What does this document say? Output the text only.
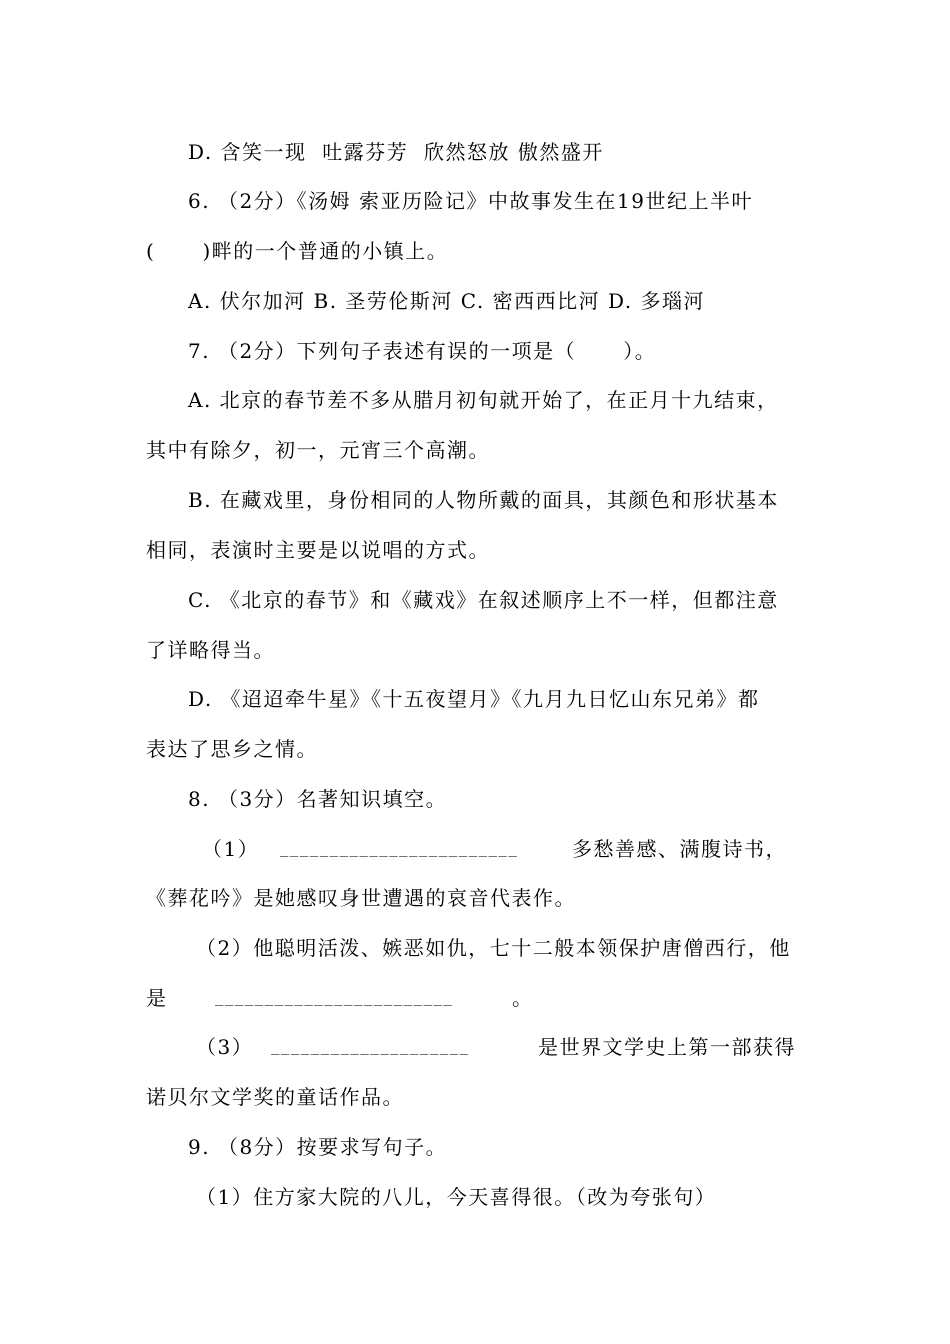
D. 含笑一现  吐露芬芳  欣然怒放 傲然盛开
6. （2分）《汤姆 索亚历险记》中故事发生在19世纪上半叶
(      )畔的一个普通的小镇上。
A. 伏尔加河 B. 圣劳伦斯河 C. 密西西比河 D. 多瑙河
7. （2分）下列句子表述有误的一项是（      ）。
A. 北京的春节差不多从腊月初旬就开始了，在正月十九结束，
其中有除夕，初一，元宵三个高潮。
B. 在藏戏里，身份相同的人物所戴的面具，其颜色和形状基本
相同，表演时主要是以说唱的方式。
C. 《北京的春节》和《藏戏》在叙述顺序上不一样，但都注意
了详略得当。
D. 《迢迢牵牛星》《十五夜望月》《九月九日忆山东兄弟》都
表达了思乡之情。
8. （3分）名著知识填空。
（1） ________________________	多愁善感、满腹诗书，
《葬花吟》是她感叹身世遭遇的哀音代表作。
（2）他聪明活泼、嫉恶如仇，七十二般本领保护唐僧西行，他
是	________________________	。
（3） ____________________	是世界文学史上第一部获得
诺贝尔文学奖的童话作品。
9. （8分）按要求写句子。
（1）住方家大院的八儿，今天喜得很。（改为夸张句）
